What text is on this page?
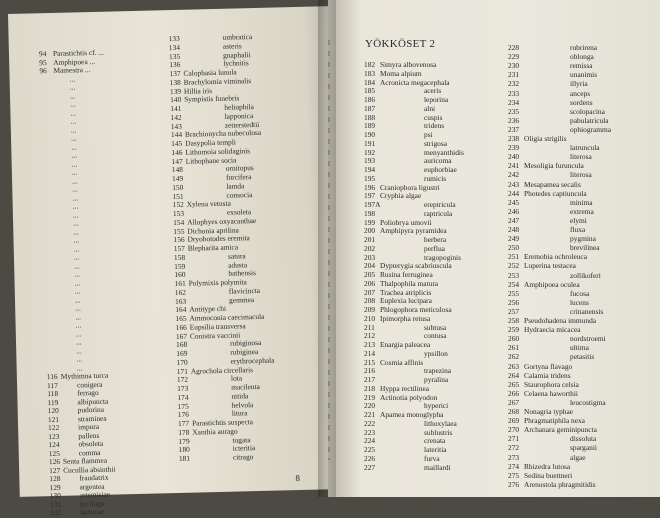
94 Parastichtis cf. ...
95 Amphipoea ...
96 Mamestra ...
...
...
...
...
...
...
...
...
...
...
...
...
...
...
...
...
...
...
...
...
...
...
...
...
...
...
...
...
...
...
...
...
...
...
...
116 Mythimna turca
117	conigera
118	ferrago
119	albipuncta
120	pudorina
121	straminea
122	impura
123	pallens
124	obsoleta
125	comma
126 Senta flammea
127 Cucullia absinthii
128	fraudatrix
129	argentea
130	artemisiae
131	lucifuga
132	lactucae
133	umbratica
134	asteris
135	gnaphalii
136	lychnitis
137 Calophasia lunula
138 Brachylomia viminalis
139 Hillia iris
140 Sympistis funebris
141	heliophila
142	lapponica
143	zetterstedtii
144 Brachionycha nubeculosa
145 Dasypolia templi
146 Lithomoia solidaginis
147 Lithophane socia
148	ornitopus
149	furcifera
150	lamda
151	consocia
152 Xylena vetusta
153	exsoleta
154 Allophyes oxyacanthae
155 Dichonia aprilina
156 Dryobotodes eremita
157 Blepharita amica
158	satura
159	adusta
160	bathensis
161 Polymixis polymita
162	flavicincta
163	gemmea
164 Antitype chi
165 Ammoconia caecimacula
166 Eupsilia transversa
167 Conistra vaccinii
168	rubiginosa
169	rubiginea
170	erythrocephala
171 Agrochola circellaris
172	lota
173	macilenta
174	nitida
175	helvola
176	litura
177 Parastichtis suspecta
178 Xanthia aurago
179	togata
180	icteritia
181	citrago
8
YÖKKÖSET 2
182 Simyra albovenosa
183 Moma alpium
184 Acronicta megacephala
185	aceris
186	leporina
187	alni
188	cuspis
189	tridens
190	psi
191	strigosa
192	menyanthidis
193	auricoma
194	euphorbiae
195	rumicis
196 Craniophora ligustri
197 Cryphia algae
197A	ereptricula
198	raptricula
199 Poliobrya umovii
200 Amphipyra pyramidea
201	berbera
202	perflua
203	tragopoginis
204 Dypterygia scabriuscula
205 Rusina ferruginea
206 Thalpophila matura
207 Trachea atriplicis
208 Euplexia lucipara
209 Phlogophora meticulosa
210 Ipimorpha retusa
211	subtusa
212	contusa
213 Enargia paleacea
214	ypsillon
215 Cosmia affinis
216	trapezina
217	pyralina
218 Hyppa rectilinea
219 Actinotia polyodon
220	hyperici
221 Apamea monoglypha
222	lithoxylaea
223	sublustris
224	crenata
225	lateritia
226	furva
227	maillardi
228	rubrirena
229	oblonga
230	remissa
231	unanimis
232	illyria
233	anceps
234	sordens
235	scolopacina
236	pabulatricula
237	ophiogramma
238 Oligia strigilis
239	latruncula
240	literosa
241 Mesoligia furuncula
242	literosa
243 Mesapamea secalis
244 Photedes captiuncula
245	minima
246	extrema
247	elymi
248	fluxa
249	pygmina
250	brevilinea
251 Eremobia ochroleuca
252 Luperina testacea
253	zollikoferi
254 Amphipoea oculea
255	fucosa
256	lucens
257	crinanensis
258 Pseudohadena immunda
259 Hydraecia micacea
260	nordstroemi
261	ultima
262	petasitis
263 Gortyna flavago
264 Calamia tridens
265 Staurophora celsia
266 Celaena haworthii
267	leucostigma
268 Nonagria typhae
269 Phragmatiphila nexa
270 Archanara geminipuncta
271	dissoluta
272	sparganii
273	algae
274 Rhizedra lutosa
275 Sedina buettneri
276 Arenostola phragmitidis
